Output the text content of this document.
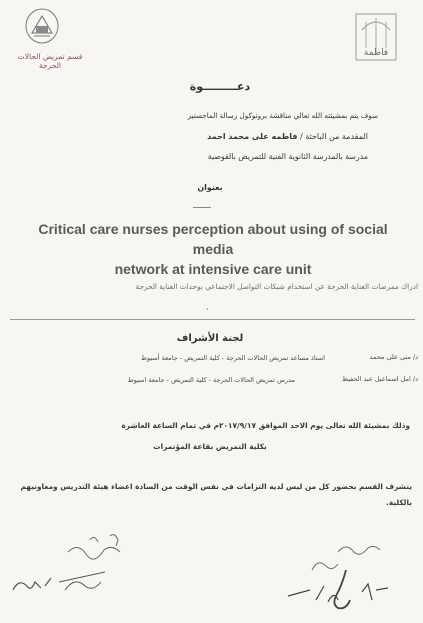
قسم تمريض الحالات الحرجة
فاطمة
دعـــــــــوة
سوف يتم بمشيئته الله تعالي مناقشة بروتوكول رسالة الماجستير
المقدمة من الباحثة / فاطمه على محمد احمد
مدرسة بالمدرسة الثانوية الفنية للتمريض بالقوصية
بعنوان
Critical care nurses perception about using of social media
network at intensive care unit
ادراك ممرضات العناية الحرجة عن استخدام شبكات التواصل الاجتماعي بوحدات العناية الحرجة
،
لجنة الأشراف
د/ منى على محمد
استاذ مساعد تمريض الحالات الحرجة - كلية التمريض - جامعة أسيوط
د/ امل اسماعيل عبد الحفيظ
مدرس تمريض الحالات الحرجة - كلية التمريض - جامعة اسيوط
وذلك بمشيئة الله تعالى يوم الاحد الموافق ٢٠١٧/٩/١٧م في تمام الساعة العاشرة
بكلية التمريض بقاعة المؤتمرات
يتشرف القسم بحضور كل من ليس لديه التزامات في نفس الوقت من السادة اعضاء هيئة التدريس ومعاونيهم بالكلية.
